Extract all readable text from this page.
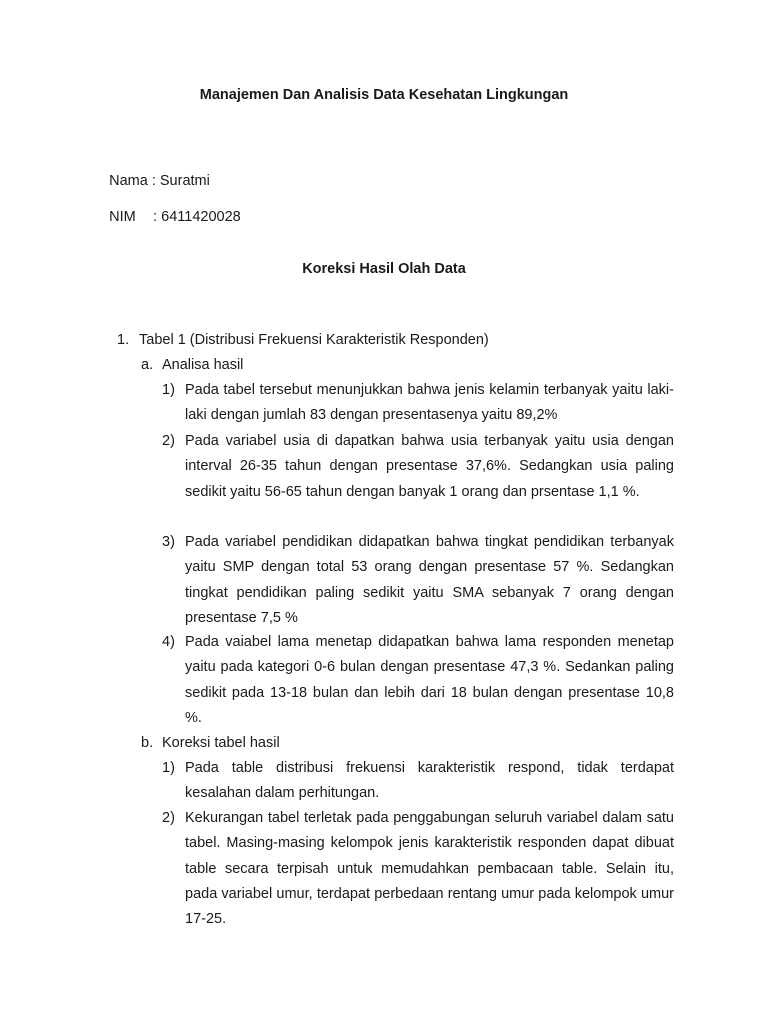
Manajemen Dan Analisis Data Kesehatan Lingkungan

Nama : Suratmi

NIM : 6411420028

Koreksi Hasil Olah Data
1. Tabel 1 (Distribusi Frekuensi Karakteristik Responden)
a. Analisa hasil
1) Pada tabel tersebut menunjukkan bahwa jenis kelamin terbanyak yaitu laki-laki dengan jumlah 83 dengan presentasenya yaitu 89,2%
2) Pada variabel usia di dapatkan bahwa usia terbanyak yaitu usia dengan interval 26-35 tahun dengan presentase 37,6%. Sedangkan usia paling sedikit yaitu 56-65 tahun dengan banyak 1 orang dan prsentase 1,1 %.
3) Pada variabel pendidikan didapatkan bahwa tingkat pendidikan terbanyak yaitu SMP dengan total 53 orang dengan presentase 57 %. Sedangkan tingkat pendidikan paling sedikit yaitu SMA sebanyak 7 orang dengan presentase 7,5 %
4) Pada vaiabel lama menetap didapatkan bahwa lama responden menetap yaitu pada kategori 0-6 bulan dengan presentase 47,3 %. Sedankan paling sedikit pada 13-18 bulan dan lebih dari 18 bulan dengan presentase 10,8 %.
b. Koreksi tabel hasil
1) Pada table distribusi frekuensi karakteristik respond, tidak terdapat kesalahan dalam perhitungan.
2) Kekurangan tabel terletak pada penggabungan seluruh variabel dalam satu tabel. Masing-masing kelompok jenis karakteristik responden dapat dibuat table secara terpisah untuk memudahkan pembacaan table. Selain itu, pada variabel umur, terdapat perbedaan rentang umur pada kelompok umur 17-25.
